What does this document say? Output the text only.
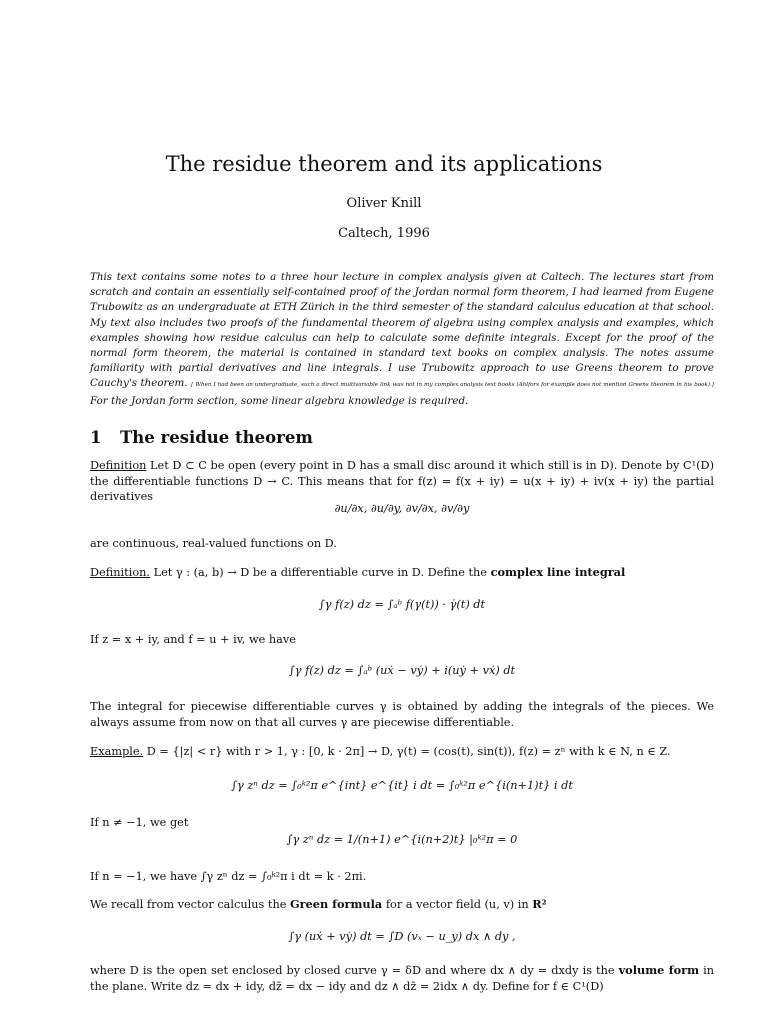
The residue theorem and its applications
Oliver Knill
Caltech, 1996
This text contains some notes to a three hour lecture in complex analysis given at Caltech. The lectures start from scratch and contain an essentially self-contained proof of the Jordan normal form theorem, I had learned from Eugene Trubowitz as an undergraduate at ETH Zürich in the third semester of the standard calculus education at that school. My text also includes two proofs of the fundamental theorem of algebra using complex analysis and examples, which examples showing how residue calculus can help to calculate some definite integrals. Except for the proof of the normal form theorem, the material is contained in standard text books on complex analysis. The notes assume familiarity with partial derivatives and line integrals. I use Trubowitz approach to use Greens theorem to prove Cauchy's theorem. [ When I had been an undergraduate, such a direct multivariable link was not in my complex analysis text books (Ahlfors for example does not mention Greens theorem in his book).] For the Jordan form section, some linear algebra knowledge is required.
1 The residue theorem
Definition Let D ⊂ C be open (every point in D has a small disc around it which still is in D). Denote by C¹(D) the differentiable functions D → C. This means that for f(z) = f(x + iy) = u(x + iy) + iv(x + iy) the partial derivatives
∂u/∂x, ∂u/∂y, ∂v/∂x, ∂v/∂y
are continuous, real-valued functions on D.
Definition. Let γ : (a, b) → D be a differentiable curve in D. Define the complex line integral
∫γ f(z) dz = ∫ₐᵇ f(γ(t)) · γ̇(t) dt
If z = x + iy, and f = u + iv, we have
∫γ f(z) dz = ∫ₐᵇ (uẋ − vẏ) + i(uẏ + vẋ) dt
The integral for piecewise differentiable curves γ is obtained by adding the integrals of the pieces. We always assume from now on that all curves γ are piecewise differentiable.
Example. D = {|z| < r} with r > 1, γ : [0, k · 2π] → D, γ(t) = (cos(t), sin(t)), f(z) = zⁿ with k ∈ N, n ∈ Z.
∫γ zⁿ dz = ∫₀ᵏ²π e^{int} e^{it} i dt = ∫₀ᵏ²π e^{i(n+1)t} i dt
If n ≠ −1, we get
∫γ zⁿ dz = 1/(n+1) e^{i(n+2)t} |₀ᵏ²π = 0
If n = −1, we have ∫γ zⁿ dz = ∫₀ᵏ²π i dt = k · 2πi.
We recall from vector calculus the Green formula for a vector field (u, v) in R²
∫γ (uẋ + vẏ) dt = ∫D (vₓ − u_y) dx ∧ dy ,
where D is the open set enclosed by closed curve γ = δD and where dx ∧ dy = dxdy is the volume form in the plane. Write dz = dx + idy, dz̄ = dx − idy and dz ∧ dz̄ = 2idx ∧ dy. Define for f ∈ C¹(D)
